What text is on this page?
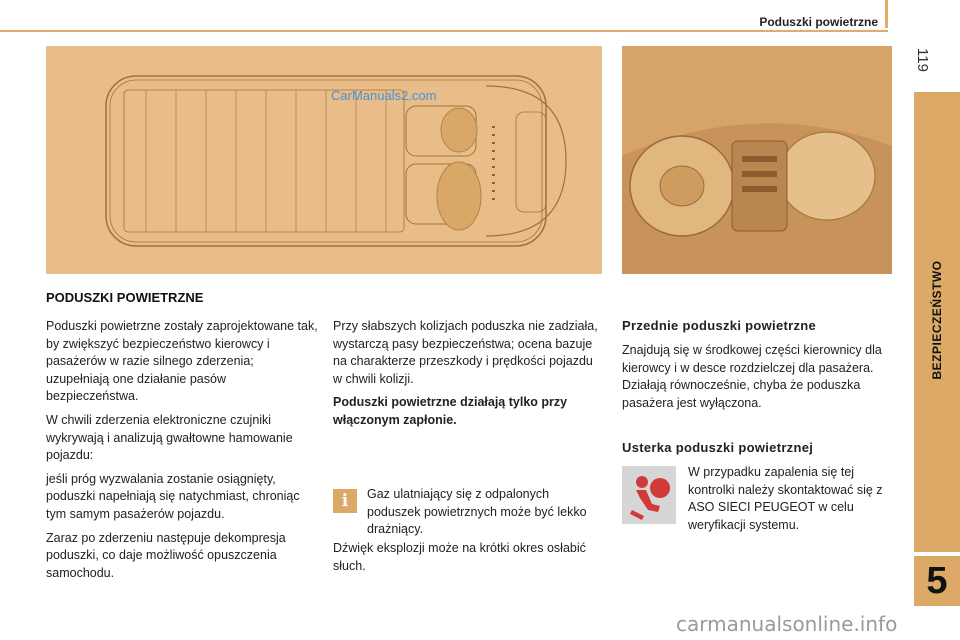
Poduszki powietrzne
119
BEZPIECZEŃSTWO
5
CarManuals2.com
PODUSZKI POWIETRZNE

Poduszki powietrzne zostały zaprojektowane tak, by zwiększyć bezpieczeństwo kierowcy i pasażerów w razie silnego zderzenia; uzupełniają one działanie pasów bezpieczeństwa.

W chwili zderzenia elektroniczne czujniki wykrywają i analizują gwałtowne hamowanie pojazdu:

jeśli próg wyzwalania zostanie osiągnięty, poduszki napełniają się natychmiast, chroniąc tym samym pasażerów pojazdu.

Zaraz po zderzeniu następuje dekompresja poduszki, co daje możliwość opuszczenia samochodu.

Przy słabszych kolizjach poduszka nie zadziała, wystarczą pasy bezpieczeństwa; ocena bazuje na charakterze przeszkody i prędkości pojazdu w chwili kolizji.

Poduszki powietrzne działają tylko przy włączonym zapłonie.

i	Gaz ulatniający się z odpalonych poduszek powietrznych może być lekko drażniący.
Dźwięk eksplozji może na krótki okres osłabić słuch.
Przednie poduszki powietrzne
Znajdują się w środkowej części kierownicy dla kierowcy i w desce rozdzielczej dla pasażera. Działają równocześnie, chyba że poduszka pasażera jest wyłączona.
Usterka poduszki powietrznej
W przypadku zapalenia się tej kontrolki należy skontaktować się z ASO SIECI PEUGEOT w celu weryfikacji systemu.
carmanualsonline.info
